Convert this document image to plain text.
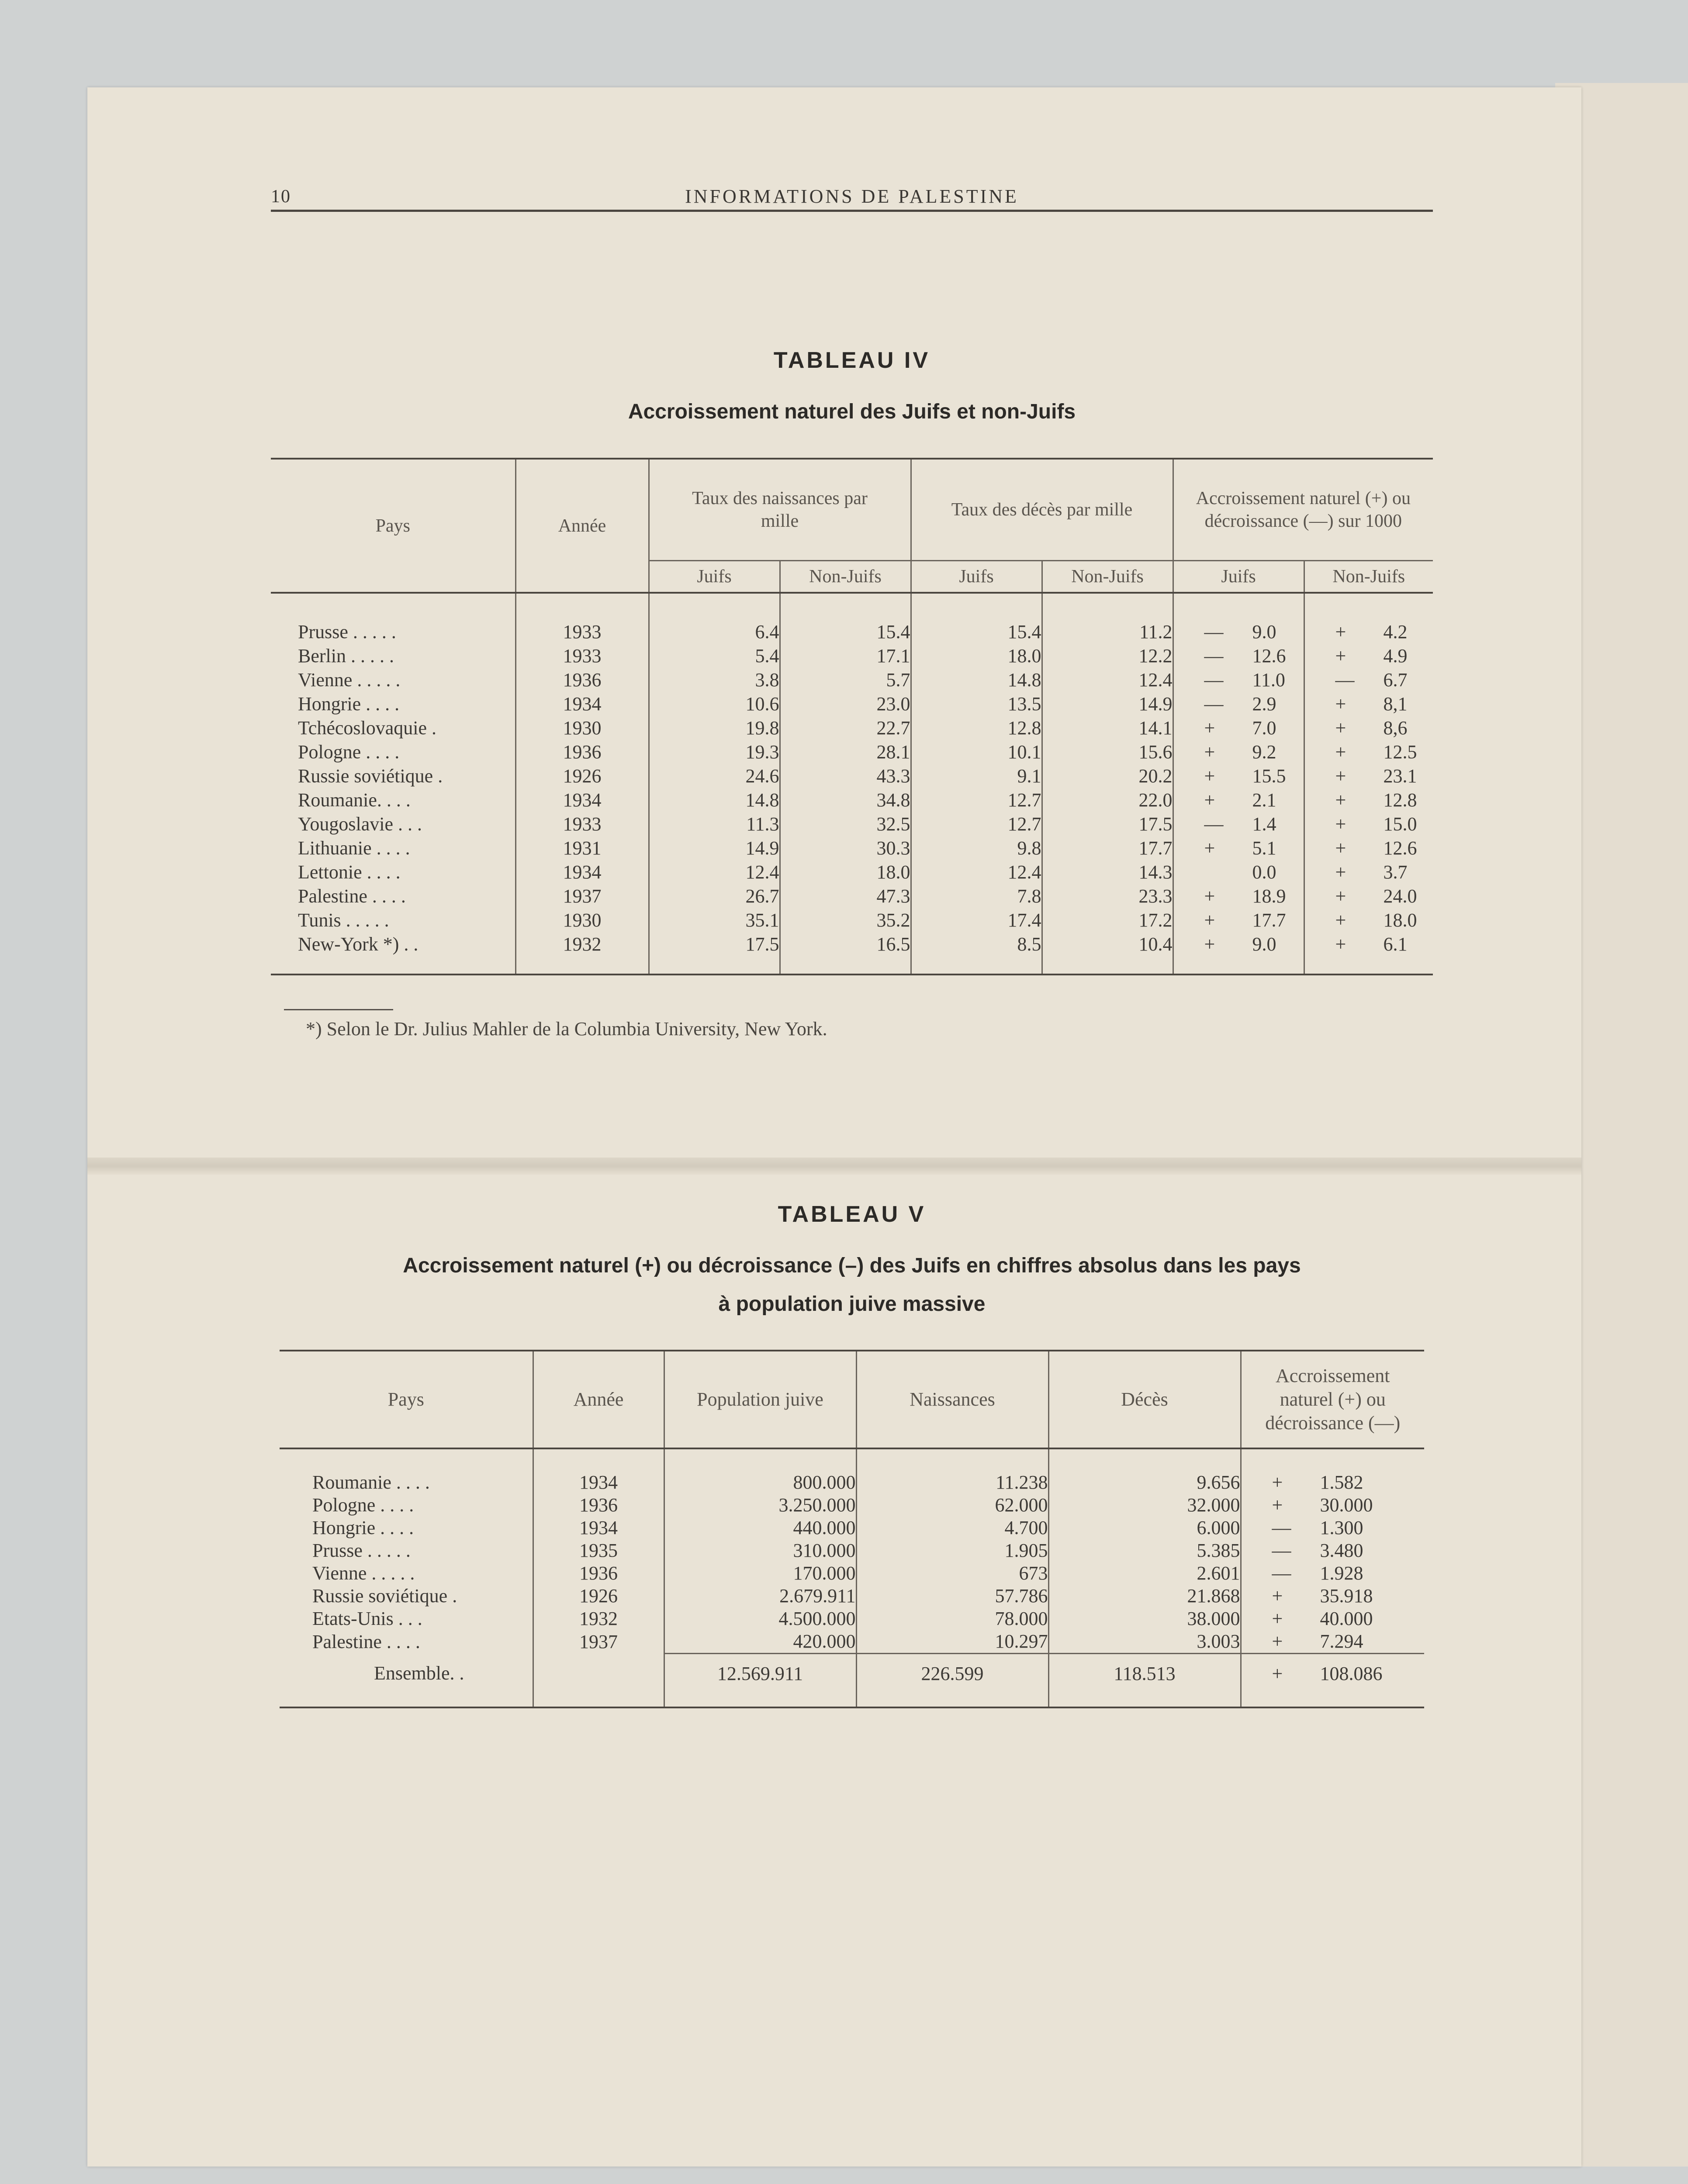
10	INFORMATIONS DE PALESTINE
TABLEAU IV
Accroissement naturel des Juifs et non-Juifs
Pays	Année	Taux des naissances par mille		Taux des décès par mille		Accroissement naturel (+) ou décroissance (—) sur 1000	
		Juifs	Non-Juifs	Juifs	Non-Juifs	Juifs	Non-Juifs

Prusse . . . . .	1933	6.4	15.4	15.4	11.2	— 9.0	+ 4.2
Berlin . . . . .	1933	5.4	17.1	18.0	12.2	— 12.6	+ 4.9
Vienne . . . . .	1936	3.8	5.7	14.8	12.4	— 11.0	— 6.7
Hongrie . . . .	1934	10.6	23.0	13.5	14.9	— 2.9	+ 8,1
Tchécoslovaquie .	1930	19.8	22.7	12.8	14.1	+ 7.0	+ 8,6
Pologne . . . .	1936	19.3	28.1	10.1	15.6	+ 9.2	+ 12.5
Russie soviétique .	1926	24.6	43.3	9.1	20.2	+ 15.5	+ 23.1
Roumanie. . . .	1934	14.8	34.8	12.7	22.0	+ 2.1	+ 12.8
Yougoslavie . . .	1933	11.3	32.5	12.7	17.5	— 1.4	+ 15.0
Lithuanie . . . .	1931	14.9	30.3	9.8	17.7	+ 5.1	+ 12.6
Lettonie . . . .	1934	12.4	18.0	12.4	14.3	0.0	+ 3.7
Palestine . . . .	1937	26.7	47.3	7.8	23.3	+ 18.9	+ 24.0
Tunis . . . . .	1930	35.1	35.2	17.4	17.2	+ 17.7	+ 18.0
New-York *) . .	1932	17.5	16.5	8.5	10.4	+ 9.0	+ 6.1

*) Selon le Dr. Julius Mahler de la Columbia University, New York.
TABLEAU V
Accroissement naturel (+) ou décroissance (–) des Juifs en chiffres absolus dans les pays
à population juive massive
Pays	Année	Population juive	Naissances	Décès	Accroissement naturel (+) ou décroissance (—)

Roumanie . . . .	1934	800.000	11.238	9.656	+ 1.582
Pologne . . . .	1936	3.250.000	62.000	32.000	+ 30.000
Hongrie . . . .	1934	440.000	4.700	6.000	— 1.300
Prusse . . . . .	1935	310.000	1.905	5.385	— 3.480
Vienne . . . . .	1936	170.000	673	2.601	— 1.928
Russie soviétique .	1926	2.679.911	57.786	21.868	+ 35.918
Etats-Unis . . .	1932	4.500.000	78.000	38.000	+ 40.000
Palestine . . . .	1937	420.000	10.297	3.003	+ 7.294
Ensemble. .		12.569.911	226.599	118.513	+ 108.086
